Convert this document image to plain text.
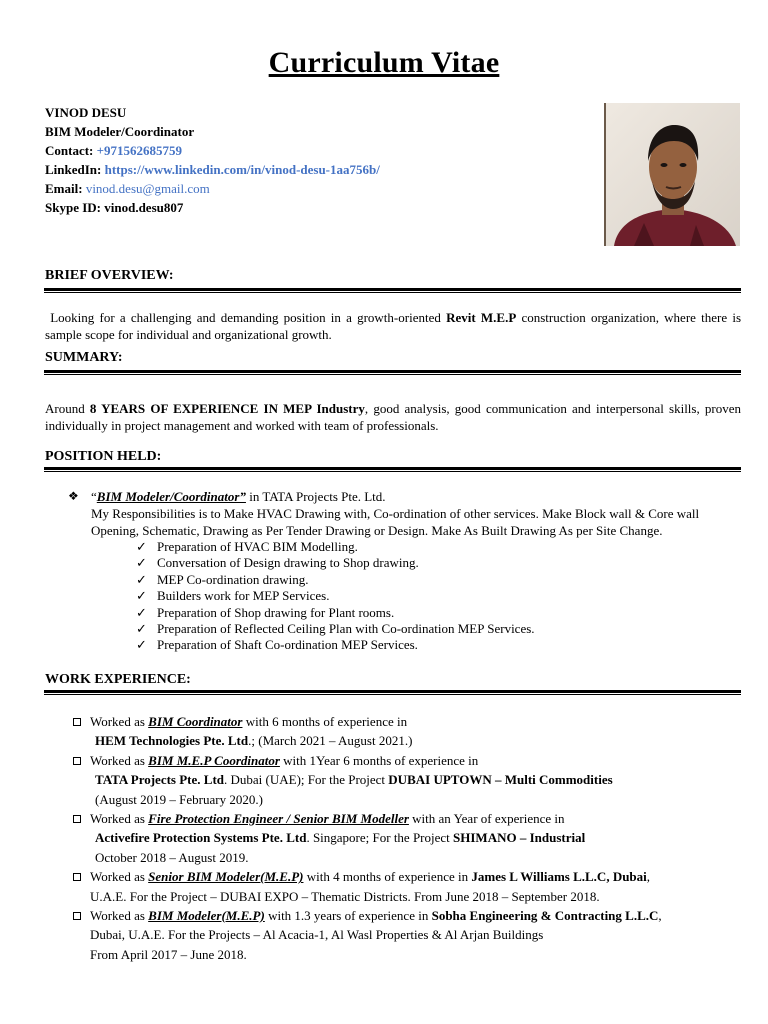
Curriculum Vitae
VINOD DESU
BIM Modeler/Coordinator
Contact: +971562685759
LinkedIn: https://www.linkedin.com/in/vinod-desu-1aa756b/
Email: vinod.desu@gmail.com
Skype ID: vinod.desu807
BRIEF OVERVIEW:
Looking for a challenging and demanding position in a growth-oriented Revit M.E.P construction organization, where there is sample scope for individual and organizational growth.
SUMMARY:
Around 8 YEARS OF EXPERIENCE IN MEP Industry, good analysis, good communication and interpersonal skills, proven individually in project management and worked with team of professionals.
POSITION HELD:
❖ “BIM Modeler/Coordinator” in TATA Projects Pte. Ltd.
My Responsibilities is to Make HVAC Drawing with, Co-ordination of other services. Make Block wall & Core wall Opening, Schematic, Drawing as Per Tender Drawing or Design. Make As Built Drawing As per Site Change.
✓ Preparation of HVAC BIM Modelling.
✓ Conversation of Design drawing to Shop drawing.
✓ MEP Co-ordination drawing.
✓ Builders work for MEP Services.
✓ Preparation of Shop drawing for Plant rooms.
✓ Preparation of Reflected Ceiling Plan with Co-ordination MEP Services.
✓ Preparation of Shaft Co-ordination MEP Services.
WORK EXPERIENCE:
Worked as BIM Coordinator with 6 months of experience in
HEM Technologies Pte. Ltd.; (March 2021 – August 2021.)
Worked as BIM M.E.P Coordinator with 1Year 6 months of experience in
TATA Projects Pte. Ltd. Dubai (UAE); For the Project DUBAI UPTOWN – Multi Commodities
(August 2019 – February 2020.)
Worked as Fire Protection Engineer / Senior BIM Modeller with an Year of experience in
Activefire Protection Systems Pte. Ltd. Singapore; For the Project SHIMANO – Industrial
October 2018 – August 2019.
Worked as Senior BIM Modeler(M.E.P) with 4 months of experience in James L Williams L.L.C, Dubai,
U.A.E. For the Project – DUBAI EXPO – Thematic Districts. From June 2018 – September 2018.
Worked as BIM Modeler(M.E.P) with 1.3 years of experience in Sobha Engineering & Contracting L.L.C,
Dubai, U.A.E. For the Projects – Al Acacia-1, Al Wasl Properties & Al Arjan Buildings
From April 2017 – June 2018.
